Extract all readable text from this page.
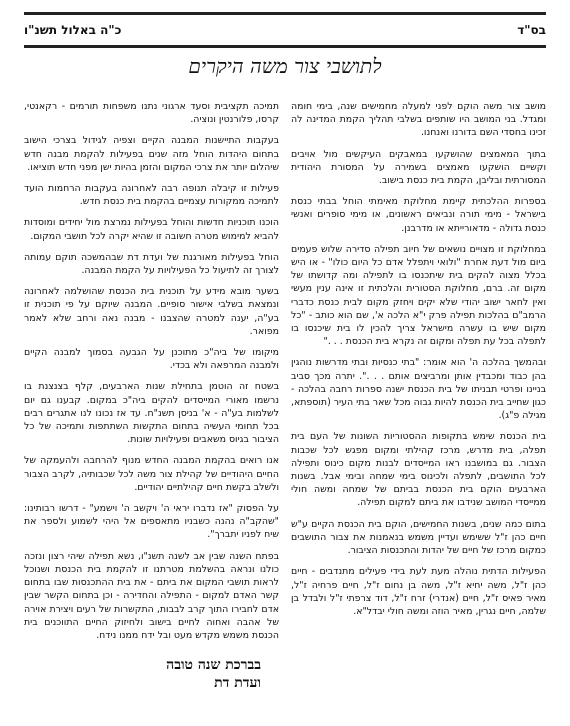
בס"ד
כ"ה באלול תשנ"ו
לתושבי צור משה היקרים

מושב צור משה הוקם לפני למעלה מחמישים שנה, בימי חומה ומגדל. בני המושב היו שותפים בשלבי תהליך הקמת המדינה לה זכינו בחסדי השם בדורנו ואנחנו.

בתוך המאמצים שהושקעו במאבקים העיקשים מול אויבים וקשיים הושקעו מאמצים בשמירה על המסורת היהודית המסורתית ובליבן, הקמת בית כנסת בישוב.

בספרות ההלכתית קיימת מחלוקת מאימתי הוחל בבתי כנסת בישראל - מימי תורה ונביאים ראשונים, או מימי סופרים ואנשי כנסת גדולה - מדאורייתא או מדרבנן.

במחלוקת זו מצויים נושאים של חיוב תפילה סדירה שלוש פעמים ביום מול דעת אחרת "ולואי ויתפלל אדם כל היום כולו" - או היש בכלל מצוה להקים בית שיתכנסו בו לתפילה ומה קדושתו של מקום זה. ברם, מחלוקת הסטורית והלכתית זו אינה ענין מעשי ואין לחאר ישוב יהודי שלא יקים ויחזק מקום לבית כנסת כדברי הרמב"ם בהלכות תפילה פרק י"א הלכה א', שם הוא כותב - "כל מקום שיש בו עשרה מישראל צריך להכין לו בית שיכנסו בו לתפלה בכל עת תפלה ומקום זה נקרא בית הכנסת . . ."

ובהמשך בהלכה ה' הוא אומר: "בתי כנסיות ובתי מדרשות נוהגין בהן כבוד ומכבדין אותן ומרביצים אותם . . .". יתרה מכך סביב בניינו ופרטי תבניתו של בית הכנסת ישנה ספרות רחבה בהלכה - כגון שחייב בית הכנסת להיות גבוה מכל שאר בתי העיר (תוספתא, מגילה פ"ג).

בית הכנסת שימש בתקופות ההסטוריות השונות של העם בית תפלה, בית מדרש, מרכז קהילתי ומקום מפגש לכל שכבות הצבור. גם במושבנו ראו המייסדים לבנות מקום כינוס ותפילה לכל התושבים, לתפלה ולכינוס בימי שמחה ובימי אבל. בשנות הארבעים הוקם בית הכנסת בביתם של שמחה ומשה חולי ממייסדי המושב שנידבו את ביתם למקום תפילה.

בתום כמה שנים, בשנות החמישים, הוקם בית הכנסת הקיים ע"ש חיים כהן ז"ל ששימש ועדיין משמש בנאמנות את צבור התושבים כמקום מרכז של חיים של יהדות והתכנסות הציבור.

הפעילות הדתית נוהלה מעת לעת בידי פעילים מתנדבים - חיים כהן ז"ל, משה יחיא ז"ל, משה בן נחום ז"ל, חיים פרחיה ז"ל, מאיר פאיס ז"ל, חיים (אנדרי) זרח ז"ל, דוד צרפתי ז"ל ולבדל בן שלמה, חיים נגרין, מאיר הוזה ומשה חולי יבדל"א.

תמיכה תקציבית וסעד ארגוני נתנו משפחות תורמים - רקאנטי, קרסו, פלורנטין ונוציה.

בעקבות התיישנות המבנה הקיים וצפיה לגידול בצרכי הישוב בתחום היהדות הוחל מזה שנים בפעילות להקמת מבנה חדש שיהלום יותר את צרכי המקום והזמן בהיות ישן מפני חדש תוציאו.

פעילות זו קיבלה תנופה רבה לאחרונה בעקבות הרחמות הועד לתמיכה ממקורות עצמיים בהקמת בית כנסת חדש.

הוכנו תוכניות חדשות והוחל בפעילות נמרצת מול יחידים ומוסדות להביא למימוש מטרה חשובה זו שהיא יקרה לכל תושבי המקום.

הוחל בפעילות מאורגנת של ועדת דת שבהמשכה תוקם עמותה לצורך זה לתיעול כל הפעילויות על הקמת המבנה.

בשער מובא מידע על תוכנית בית הכנסת שהושלמה לאחרונה ונמצאת בשלבי אישור סופיים. המבנה שיוקם על פי תוכנית זו בע"ה, יענה למטרה שהצבנו - מבנה נאה ורחב שלא לאמר מפואר.

מיקומו של ביה"כ מתוכנן על הגבעה בסמוך למבנה הקיים ולמבנה המרפאה ולא בכדי.

בשטח זה הוטמן בתחילת שנות הארבעים, קלף בצנצנת בו נרשמו מאורי המייסדים להקים ביה"כ במקום. קבענו גם יום לשלמות בע"ה - א' בניסן תשנ"ח. עד אז נכונו לנו אתגרים רבים בכל תחומי העשיה בתחום התקשות השתתפות ותמיכה של כל הציבור בגיוס משאבים ופעילויות שונות.

אנו רואים בהקמת המבנה החדש מנוף להרחבה ולהעמקה של החיים היהודיים של קהילת צור משה לכל שכבותיה, לקרב הצבור ולשלב בקשת חיים קהילתיים יהודיים.

על הפסוק "אז נדברו יראי ה' ויקשב ה' וישמע" - דרשו רבותינו: "שהקב"ה נהנה כשבניו מתאספים אל היהי לשמוע ולספר את שיח לפניו יתברך".

בפתח השנה שבין אב לשנה תשנ"ו, נשא תפילה שיהי רצון ונזכה כולנו ונראה בהשלמת מטרתנו זו להקמת בית הכנסת ושנוכל לראות תושבי המקום את ביתם - את בית ההתכנסות שבו בתחום קשר האדם למקום - התפילה והחדירה - וכן בתחום הקשר שבין אדם לחבירו התוך קרב לבבות, התקשרות של רעים ויצירת אוירה של אהבה ואחוה לחיים בישוב ולחיזוק החיים התווכנים בית הכנסת משמש מקדש מעט ובל ידח ממנו נידח.

בברכת שנה טובה
ועדת דת
